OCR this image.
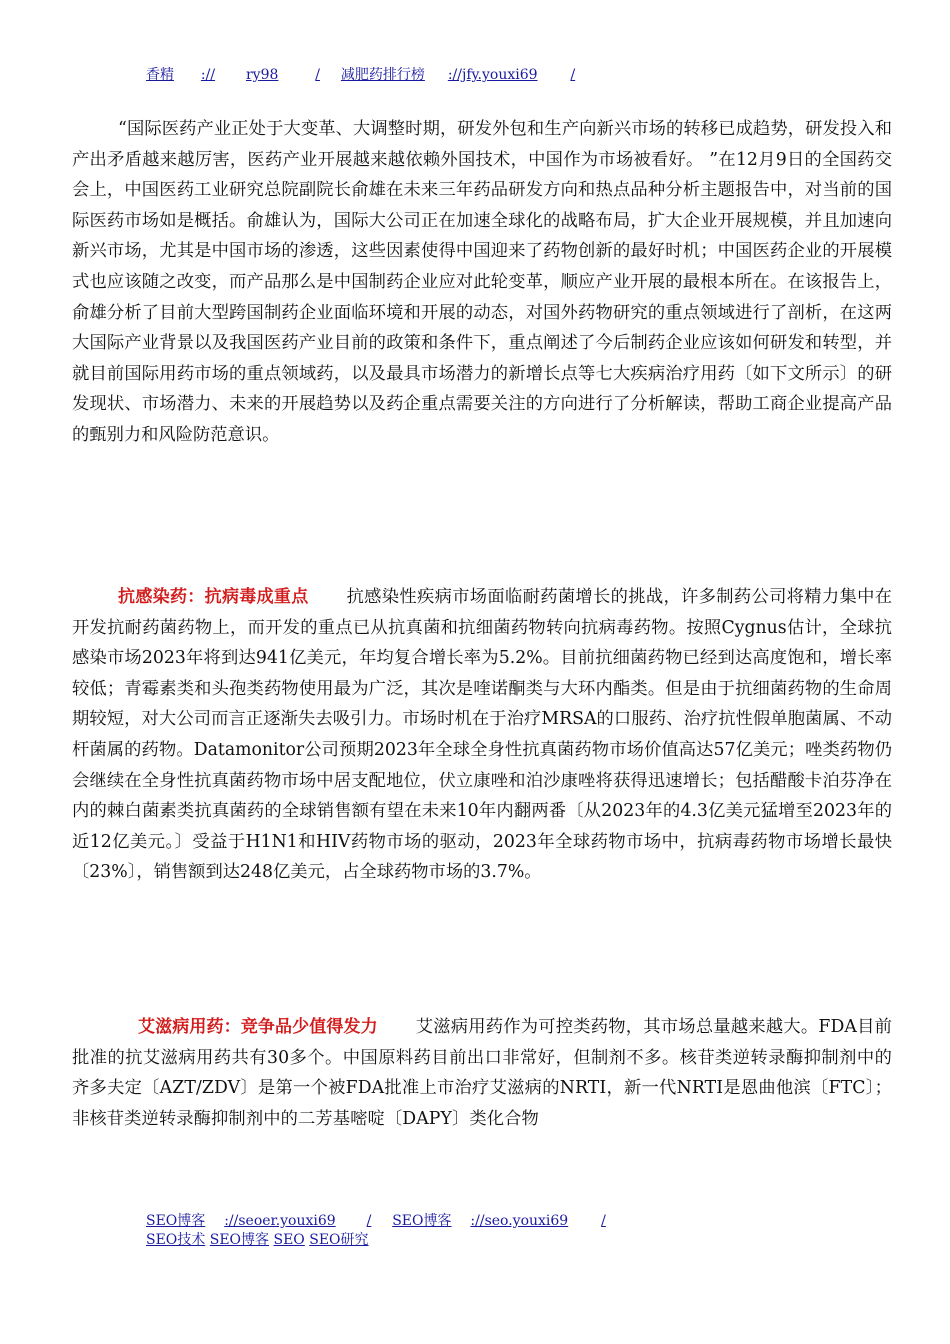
香精 :// ry98	/ 减肥药排行榜 ://jfy.youxi69 /

“国际医药产业正处于大变革、大调整时期，研发外包和生产向新兴市场的转移已成趋势，研发投入和产出矛盾越来越厉害，医药产业开展越来越依赖外国技术，中国作为市场被看好。 ”在12月9日的全国药交会上，中国医药工业研究总院副院长俞雄在未来三年药品研发方向和热点品种分析主题报告中，对当前的国际医药市场如是概括。俞雄认为，国际大公司正在加速全球化的战略布局，扩大企业开展规模，并且加速向新兴市场，尤其是中国市场的渗透，这些因素使得中国迎来了药物创新的最好时机；中国医药企业的开展模式也应该随之改变，而产品那么是中国制药企业应对此轮变革，顺应产业开展的最根本所在。在该报告上，俞雄分析了目前大型跨国制药企业面临环境和开展的动态，对国外药物研究的重点领域进行了剖析，在这两大国际产业背景以及我国医药产业目前的政策和条件下，重点阐述了今后制药企业应该如何研发和转型，并就目前国际用药市场的重点领域药，以及最具市场潜力的新增长点等七大疾病治疗用药〔如下文所示〕的研发现状、市场潜力、未来的开展趋势以及药企重点需要关注的方向进行了分析解读，帮助工商企业提高产品的甄别力和风险防范意识。

抗感染药：抗病毒成重点 抗感染性疾病市场面临耐药菌增长的挑战，许多制药公司将精力集中在开发抗耐药菌药物上，而开发的重点已从抗真菌和抗细菌药物转向抗病毒药物。按照Cygnus估计，全球抗感染市场2023年将到达941亿美元，年均复合增长率为5.2%。目前抗细菌药物已经到达高度饱和，增长率较低；青霉素类和头孢类药物使用最为广泛，其次是喹诺酮类与大环内酯类。但是由于抗细菌药物的生命周期较短，对大公司而言正逐渐失去吸引力。市场时机在于治疗MRSA的口服药、治疗抗性假单胞菌属、不动杆菌属的药物。Datamonitor公司预期2023年全球全身性抗真菌药物市场价值高达57亿美元；唑类药物仍会继续在全身性抗真菌药物市场中居支配地位，伏立康唑和泊沙康唑将获得迅速增长；包括醋酸卡泊芬净在内的棘白菌素类抗真菌药的全球销售额有望在未来10年内翻两番〔从2023年的4.3亿美元猛增至2023年的近12亿美元。〕受益于H1N1和HIV药物市场的驱动，2023年全球药物市场中，抗病毒药物市场增长最快〔23%〕，销售额到达248亿美元，占全球药物市场的3.7%。

艾滋病用药：竞争品少值得发力 艾滋病用药作为可控类药物，其市场总量越来越大。FDA目前批准的抗艾滋病用药共有30多个。中国原料药目前出口非常好，但制剂不多。核苷类逆转录酶抑制剂中的齐多夫定〔AZT/ZDV〕是第一个被FDA批准上市治疗艾滋病的NRTI，新一代NRTI是恩曲他滨〔FTC〕；非核苷类逆转录酶抑制剂中的二芳基嘧啶〔DAPY〕类化合物

SEO博客 ://seoer.youxi69 / SEO博客 ://seo.youxi69 /
SEO技术 SEO博客 SEO SEO研究
